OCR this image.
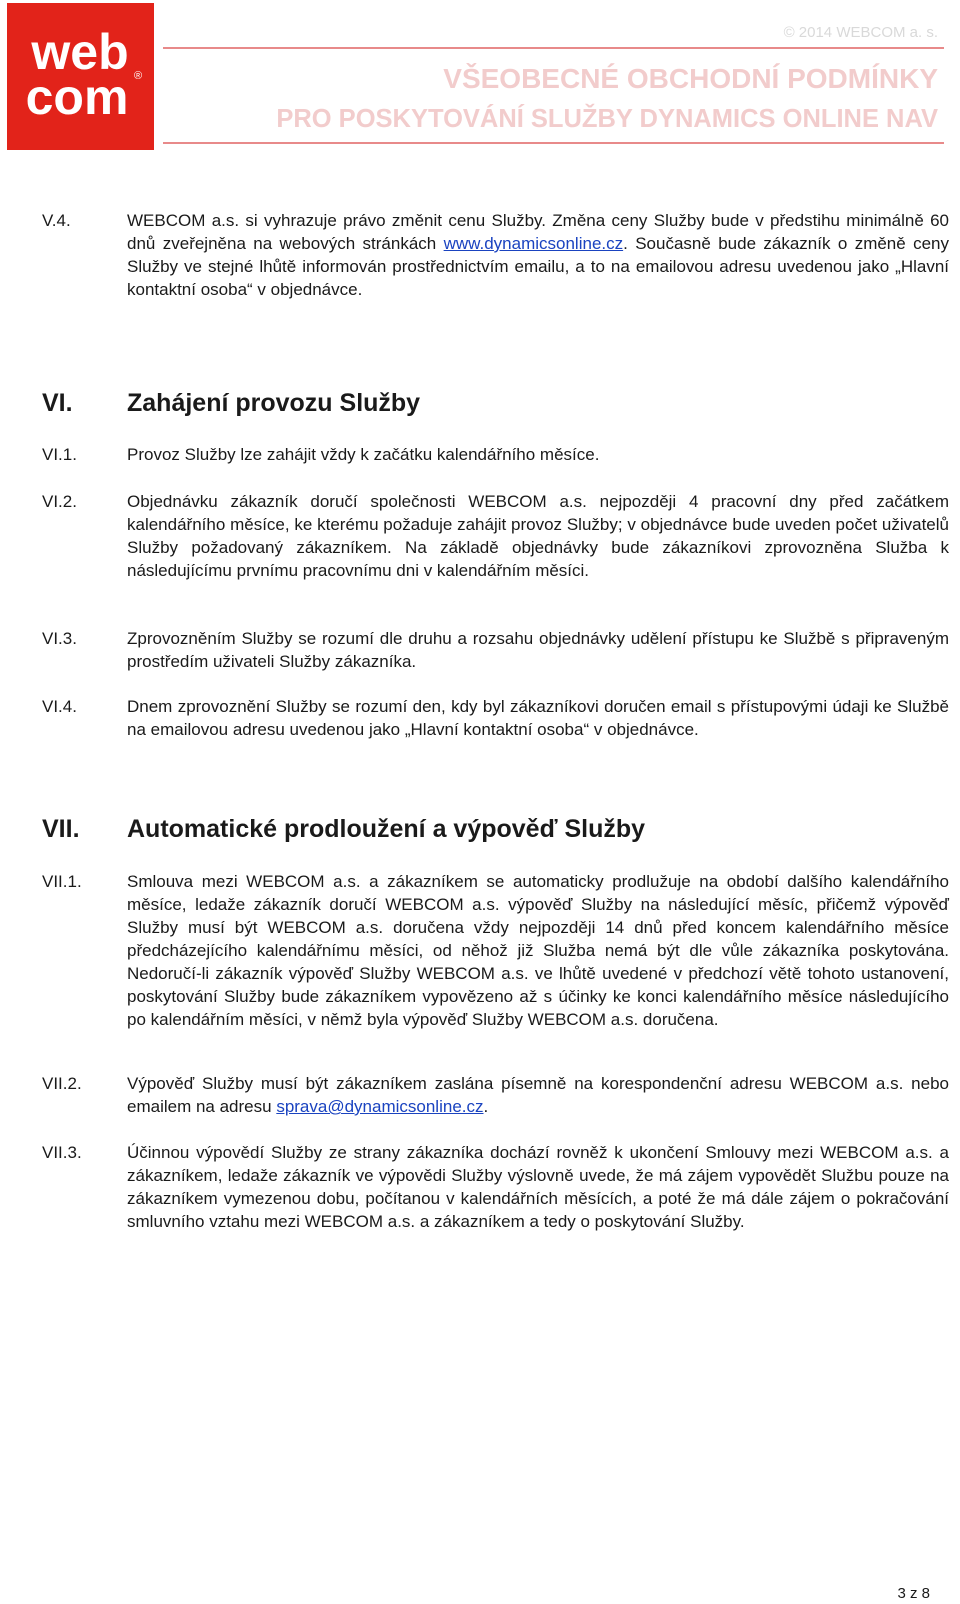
web
com ®
© 2014 WEBCOM a. s.
VŠEOBECNÉ OBCHODNÍ PODMÍNKY
PRO POSKYTOVÁNÍ SLUŽBY DYNAMICS ONLINE NAV
V.4.	WEBCOM a.s. si vyhrazuje právo změnit cenu Služby. Změna ceny Služby bude v předstihu minimálně 60 dnů zveřejněna na webových stránkách www.dynamicsonline.cz. Současně bude zákazník o změně ceny Služby ve stejné lhůtě informován prostřednictvím emailu, a to na emailovou adresu uvedenou jako „Hlavní kontaktní osoba“ v objednávce.
VI. Zahájení provozu Služby
VI.1.	Provoz Služby lze zahájit vždy k začátku kalendářního měsíce.
VI.2.	Objednávku zákazník doručí společnosti WEBCOM a.s. nejpozději 4 pracovní dny před začátkem kalendářního měsíce, ke kterému požaduje zahájit provoz Služby; v objednávce bude uveden počet uživatelů Služby požadovaný zákazníkem. Na základě objednávky bude zákazníkovi zprovozněna Služba k následujícímu prvnímu pracovnímu dni v kalendářním měsíci.
VI.3.	Zprovozněním Služby se rozumí dle druhu a rozsahu objednávky udělení přístupu ke Službě s připraveným prostředím uživateli Služby zákazníka.
VI.4.	Dnem zprovoznění Služby se rozumí den, kdy byl zákazníkovi doručen email s přístupovými údaji ke Službě na emailovou adresu uvedenou jako „Hlavní kontaktní osoba“ v objednávce.
VII. Automatické prodloužení a výpověď Služby
VII.1.	Smlouva mezi WEBCOM a.s. a zákazníkem se automaticky prodlužuje na období dalšího kalendářního měsíce, ledaže zákazník doručí WEBCOM a.s. výpověď Služby na následující měsíc, přičemž výpověď Služby musí být WEBCOM a.s. doručena vždy nejpozději 14 dnů před koncem kalendářního měsíce předcházejícího kalendářnímu měsíci, od něhož již Služba nemá být dle vůle zákazníka poskytována. Nedoručí-li zákazník výpověď Služby WEBCOM a.s. ve lhůtě uvedené v předchozí větě tohoto ustanovení, poskytování Služby bude zákazníkem vypovězeno až s účinky ke konci kalendářního měsíce následujícího po kalendářním měsíci, v němž byla výpověď Služby WEBCOM a.s. doručena.
VII.2.	Výpověď Služby musí být zákazníkem zaslána písemně na korespondenční adresu WEBCOM a.s. nebo emailem na adresu sprava@dynamicsonline.cz.
VII.3.	Účinnou výpovědí Služby ze strany zákazníka dochází rovněž k ukončení Smlouvy mezi WEBCOM a.s. a zákazníkem, ledaže zákazník ve výpovědi Služby výslovně uvede, že má zájem vypovědět Službu pouze na zákazníkem vymezenou dobu, počítanou v kalendářních měsících, a poté že má dále zájem o pokračování smluvního vztahu mezi WEBCOM a.s. a zákazníkem a tedy o poskytování Služby.
3 z 8
